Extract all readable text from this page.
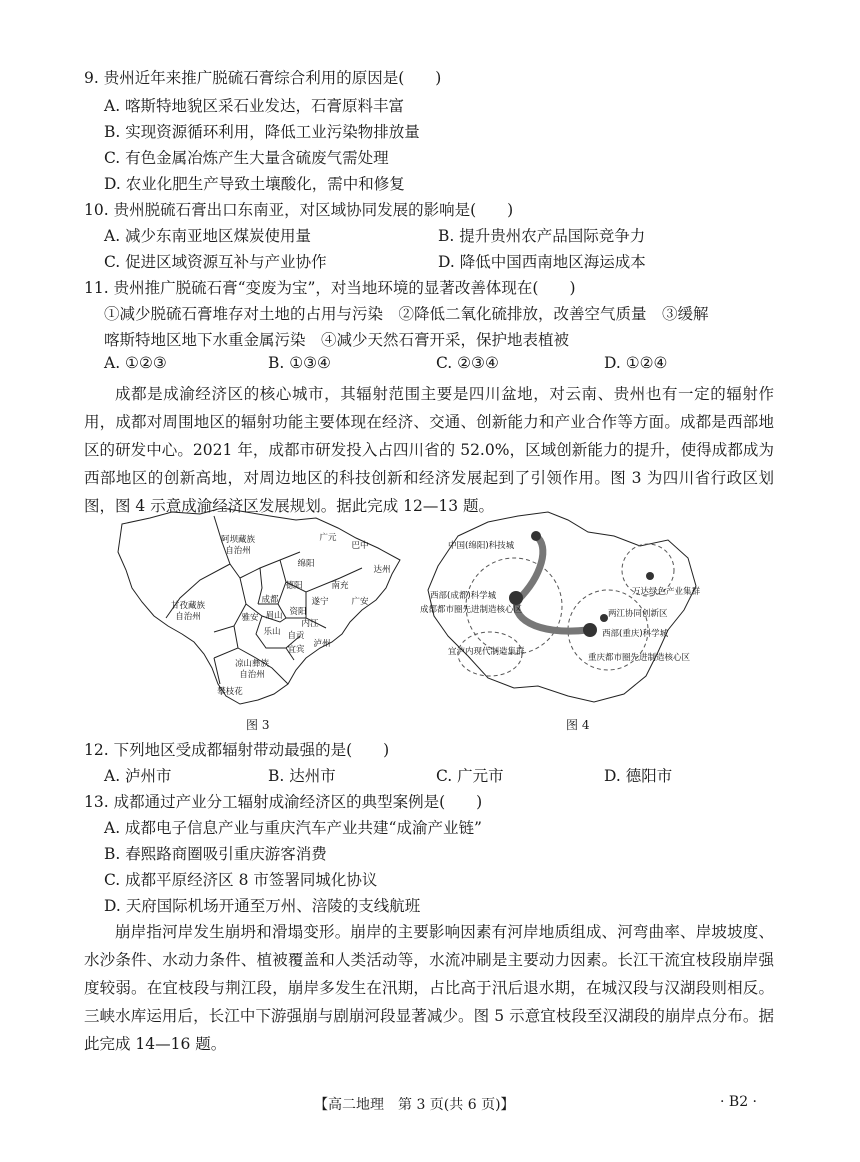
9. 贵州近年来推广脱硫石膏综合利用的原因是(　　)
A. 喀斯特地貌区采石业发达，石膏原料丰富
B. 实现资源循环利用，降低工业污染物排放量
C. 有色金属冶炼产生大量含硫废气需处理
D. 农业化肥生产导致土壤酸化，需中和修复
10. 贵州脱硫石膏出口东南亚，对区域协同发展的影响是(　　)
A. 减少东南亚地区煤炭使用量	B. 提升贵州农产品国际竞争力
C. 促进区域资源互补与产业协作	D. 降低中国西南地区海运成本
11. 贵州推广脱硫石膏“变废为宝”，对当地环境的显著改善体现在(　　)
①减少脱硫石膏堆存对土地的占用与污染　②降低二氧化硫排放，改善空气质量　③缓解
喀斯特地区地下水重金属污染　④减少天然石膏开采，保护地表植被
A. ①②③	B. ①③④	C. ②③④	D. ①②④
成都是成渝经济区的核心城市，其辐射范围主要是四川盆地，对云南、贵州也有一定的辐射作用，成都对周围地区的辐射功能主要体现在经济、交通、创新能力和产业合作等方面。成都是西部地区的研发中心。2021 年，成都市研发投入占四川省的 52.0%，区域创新能力的提升，使得成都成为西部地区的创新高地，对周边地区的科技创新和经济发展起到了引领作用。图 3 为四川省行政区划图，图 4 示意成渝经济区发展规划。据此完成 12—13 题。
阿坝藏族
自治州
甘孜藏族
自治州
凉山彝族
自治州
广元
巴中
达州
绵阳
南充
德阳
遂宁	广安
成都
资阳
雅安 眉山
内江
自贡
乐山
宜宾
泸州
攀枝花
图 3
中国(绵阳)科技城
西部(成都)科学城
成都都市圈先进制造核心区
万达绿色产业集群
两江协同创新区
西部(重庆)科学城
宜泸内现代制造集群
重庆都市圈先进制造核心区
图 4
12. 下列地区受成都辐射带动最强的是(　　)
A. 泸州市	B. 达州市	C. 广元市	D. 德阳市
13. 成都通过产业分工辐射成渝经济区的典型案例是(　　)
A. 成都电子信息产业与重庆汽车产业共建“成渝产业链”
B. 春熙路商圈吸引重庆游客消费
C. 成都平原经济区 8 市签署同城化协议
D. 天府国际机场开通至万州、涪陵的支线航班
崩岸指河岸发生崩坍和滑塌变形。崩岸的主要影响因素有河岸地质组成、河弯曲率、岸坡坡度、水沙条件、水动力条件、植被覆盖和人类活动等，水流冲刷是主要动力因素。长江干流宜枝段崩岸强度较弱。在宜枝段与荆江段，崩岸多发生在汛期，占比高于汛后退水期，在城汉段与汉湖段则相反。三峡水库运用后，长江中下游强崩与剧崩河段显著减少。图 5 示意宜枝段至汉湖段的崩岸点分布。据此完成 14—16 题。
【高二地理　第 3 页(共 6 页)】	· B2 ·
